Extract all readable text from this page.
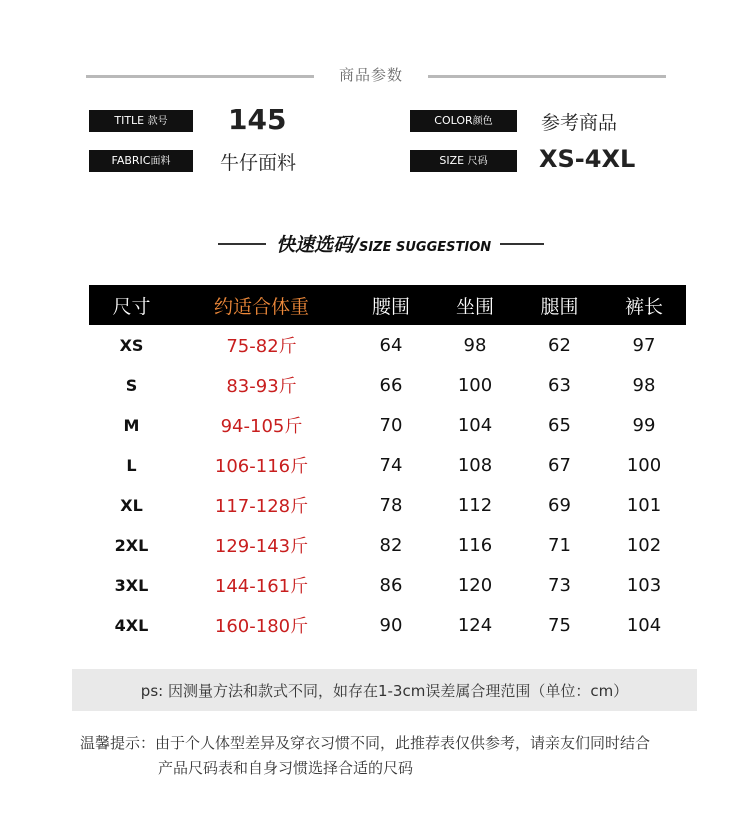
商品参数
TITLE 款号	145	COLOR颜色	参考商品
FABRIC面料	牛仔面料	SIZE 尺码	XS-4XL
快速选码/SIZE SUGGESTION
尺寸	约适合体重	腰围	坐围	腿围	裤长
XS	75-82斤	64	98	62	97
S	83-93斤	66	100	63	98
M	94-105斤	70	104	65	99
L	106-116斤	74	108	67	100
XL	117-128斤	78	112	69	101
2XL	129-143斤	82	116	71	102
3XL	144-161斤	86	120	73	103
4XL	160-180斤	90	124	75	104
ps: 因测量方法和款式不同，如存在1-3cm误差属合理范围（单位：cm）
温馨提示：由于个人体型差异及穿衣习惯不同，此推荐表仅供参考，请亲友们同时结合
产品尺码表和自身习惯选择合适的尺码
